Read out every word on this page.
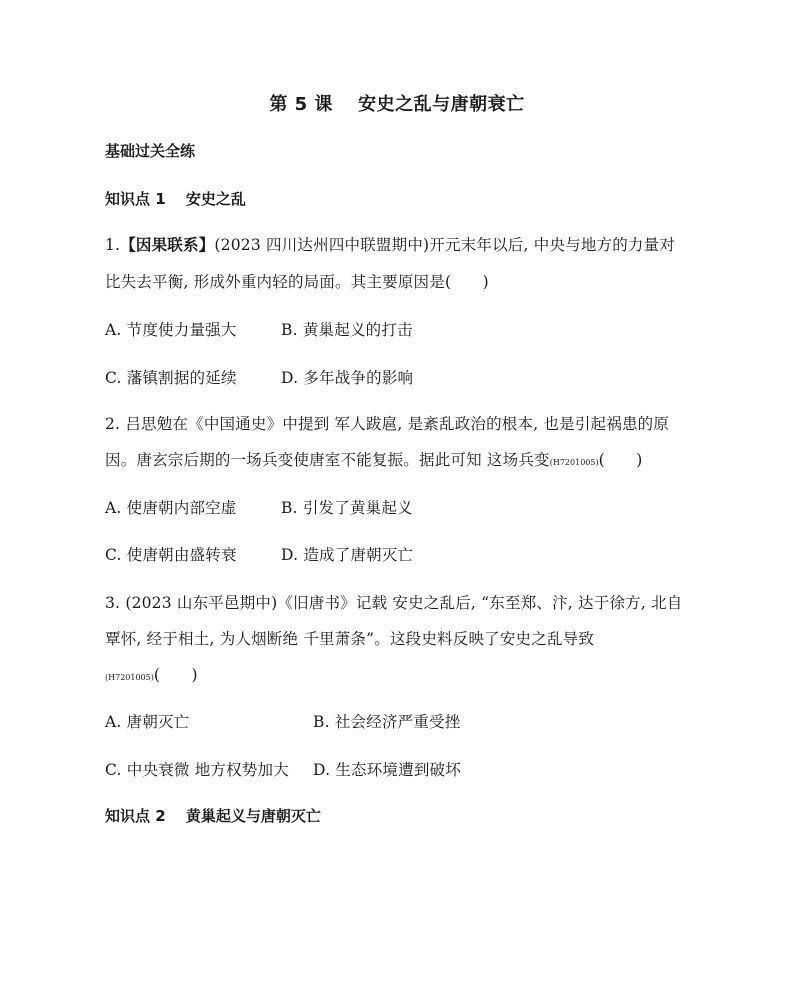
第 5 课　 安史之乱与唐朝衰亡
基础过关全练
知识点 1　 安史之乱
1.【因果联系】(2023 四川达州四中联盟期中)开元末年以后, 中央与地方的力量对
比失去平衡, 形成外重内轻的局面。其主要原因是(　　)
A. 节度使力量强大	B. 黄巢起义的打击
C. 藩镇割据的延续	D. 多年战争的影响
2. 吕思勉在《中国通史》中提到 军人跋扈, 是紊乱政治的根本, 也是引起祸患的原
因。唐玄宗后期的一场兵变使唐室不能复振。据此可知 这场兵变(H7201005)(　　)
A. 使唐朝内部空虚	B. 引发了黄巢起义
C. 使唐朝由盛转衰	D. 造成了唐朝灭亡
3. (2023 山东平邑期中)《旧唐书》记载 安史之乱后, “东至郑、汴, 达于徐方, 北自
覃怀, 经于相土, 为人烟断绝 千里萧条”。这段史料反映了安史之乱导致
(H7201005)(　　)
A. 唐朝灭亡	B. 社会经济严重受挫
C. 中央衰微 地方权势加大 D. 生态环境遭到破坏
知识点 2　 黄巢起义与唐朝灭亡
